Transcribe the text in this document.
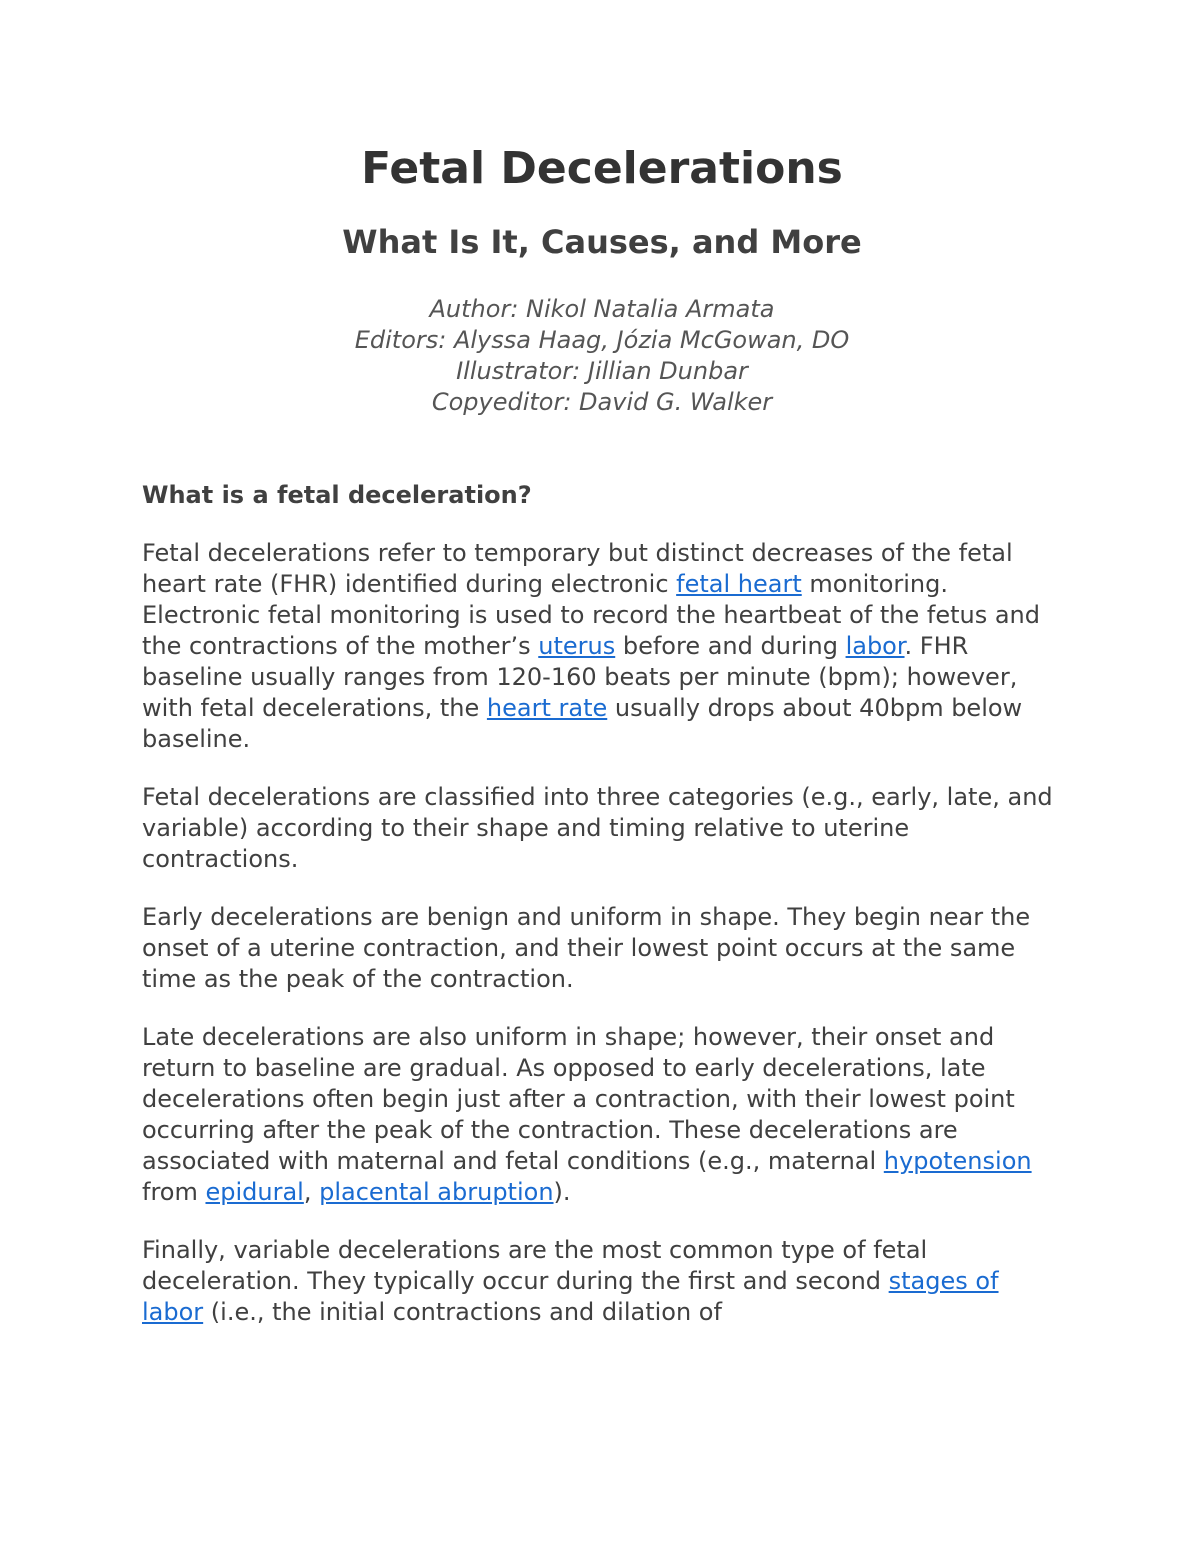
Fetal Decelerations
What Is It, Causes, and More
Author: Nikol Natalia Armata
Editors: Alyssa Haag, Józia McGowan, DO
Illustrator: Jillian Dunbar
Copyeditor: David G. Walker
What is a fetal deceleration?

Fetal decelerations refer to temporary but distinct decreases of the fetal heart rate (FHR) identified during electronic fetal heart monitoring. Electronic fetal monitoring is used to record the heartbeat of the fetus and the contractions of the mother’s uterus before and during labor. FHR baseline usually ranges from 120-160 beats per minute (bpm); however, with fetal decelerations, the heart rate usually drops about 40bpm below baseline.

Fetal decelerations are classified into three categories (e.g., early, late, and variable) according to their shape and timing relative to uterine contractions.

Early decelerations are benign and uniform in shape. They begin near the onset of a uterine contraction, and their lowest point occurs at the same time as the peak of the contraction.

Late decelerations are also uniform in shape; however, their onset and return to baseline are gradual. As opposed to early decelerations, late decelerations often begin just after a contraction, with their lowest point occurring after the peak of the contraction. These decelerations are associated with maternal and fetal conditions (e.g., maternal hypotension from epidural, placental abruption).

Finally, variable decelerations are the most common type of fetal deceleration. They typically occur during the first and second stages of labor (i.e., the initial contractions and dilation of
